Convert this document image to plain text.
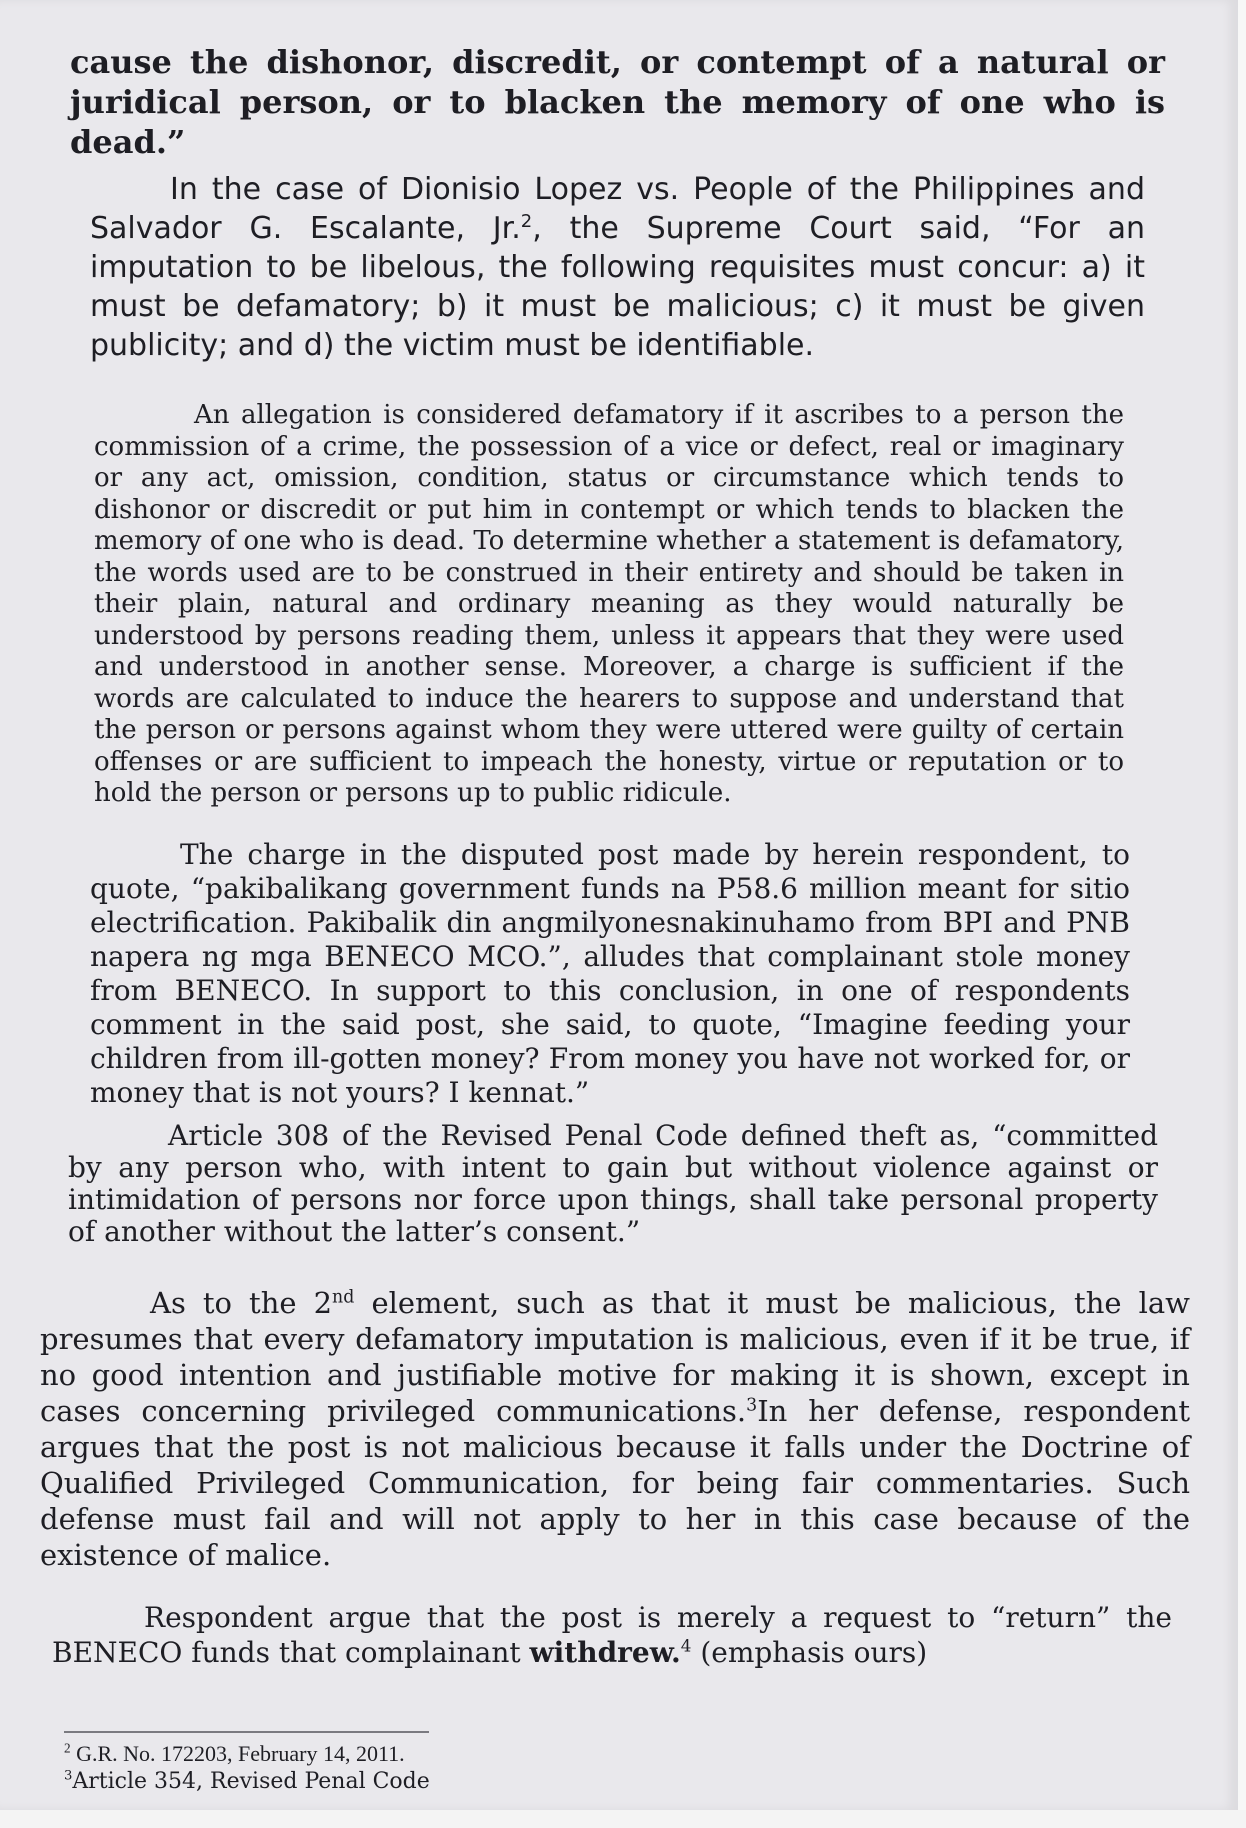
cause the dishonor, discredit, or contempt of a natural or juridical person, or to blacken the memory of one who is dead.”

In the case of Dionisio Lopez vs. People of the Philippines and Salvador G. Escalante, Jr.$^2$, the Supreme Court said, “For an imputation to be libelous, the following requisites must concur: a) it must be defamatory; b) it must be malicious; c) it must be given publicity; and d) the victim must be identifiable.

An allegation is considered defamatory if it ascribes to a person the commission of a crime, the possession of a vice or defect, real or imaginary or any act, omission, condition, status or circumstance which tends to dishonor or discredit or put him in contempt or which tends to blacken the memory of one who is dead. To determine whether a statement is defamatory, the words used are to be construed in their entirety and should be taken in their plain, natural and ordinary meaning as they would naturally be understood by persons reading them, unless it appears that they were used and understood in another sense. Moreover, a charge is sufficient if the words are calculated to induce the hearers to suppose and understand that the person or persons against whom they were uttered were guilty of certain offenses or are sufficient to impeach the honesty, virtue or reputation or to hold the person or persons up to public ridicule.

The charge in the disputed post made by herein respondent, to quote, “pakibalikang government funds na P58.6 million meant for sitio electrification. Pakibalik din angmilyonesnakinuhamo from BPI and PNB napera ng mga BENECO MCO.”, alludes that complainant stole money from BENECO. In support to this conclusion, in one of respondents comment in the said post, she said, to quote, “Imagine feeding your children from ill-gotten money? From money you have not worked for, or money that is not yours? I kennat.”

Article 308 of the Revised Penal Code defined theft as, “committed by any person who, with intent to gain but without violence against or intimidation of persons nor force upon things, shall take personal property of another without the latter’s consent.”

As to the 2nd element, such as that it must be malicious, the law presumes that every defamatory imputation is malicious, even if it be true, if no good intention and justifiable motive for making it is shown, except in cases concerning privileged communications.$^3$In her defense, respondent argues that the post is not malicious because it falls under the Doctrine of Qualified Privileged Communication, for being fair commentaries. Such defense must fail and will not apply to her in this case because of the existence of malice.

Respondent argue that the post is merely a request to “return” the BENECO funds that complainant withdrew.$^4$ (emphasis ours)

$^2$ G.R. No. 172203, February 14, 2011.
$^3$Article 354, Revised Penal Code
